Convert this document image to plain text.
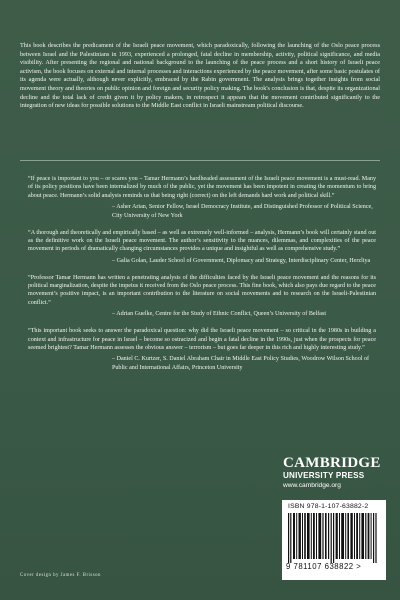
This book describes the predicament of the Israeli peace movement, which paradoxically, following the launching of the Oslo peace process between Israel and the Palestinians in 1993, experienced a prolonged, fatal decline in membership, activity, political significance, and media visibility. After presenting the regional and national background to the launching of the peace process and a short history of Israeli peace activism, the book focuses on external and internal processes and interactions experienced by the peace movement, after some basic postulates of its agenda were actually, although never explicitly, embraced by the Rabin government. The analysis brings together insights from social movement theory and theories on public opinion and foreign and security policy making. The book's conclusion is that, despite its organizational decline and the total lack of credit given it by policy makers, in retrospect it appears that the movement contributed significantly to the integration of new ideas for possible solutions to the Middle East conflict in Israeli mainstream political discourse.
“If peace is important to you – or scares you – Tamar Hermann’s hardheaded assessment of the Israeli peace movement is a must-read. Many of its policy positions have been internalized by much of the public, yet the movement has been impotent in creating the momentum to bring about peace. Hermann’s solid analysis reminds us that being right (correct) on the left demands hard work and political skill.”
– Asher Arian, Senior Fellow, Israel Democracy Institute, and Distinguished Professor of Political Science, City University of New York
“A thorough and theoretically and empirically based – as well as extremely well-informed – analysis, Hermann’s book will certainly stand out as the definitive work on the Israeli peace movement. The author’s sensitivity to the nuances, dilemmas, and complexities of the peace movement in periods of dramatically changing circumstances provides a unique and insightful as well as comprehensive study.”
– Galia Golan, Lauder School of Government, Diplomacy and Strategy, Interdisciplinary Center, Herzliya
“Professor Tamar Hermann has written a penetrating analysis of the difficulties faced by the Israeli peace movement and the reasons for its political marginalization, despite the impetus it received from the Oslo peace process. This fine book, which also pays due regard to the peace movement’s positive impact, is an important contribution to the literature on social movements and to research on the Israeli-Palestinian conflict.”
– Adrian Guelke, Centre for the Study of Ethnic Conflict, Queen’s University of Belfast
“This important book seeks to answer the paradoxical question: why did the Israeli peace movement – so critical in the 1980s in building a context and infrastructure for peace in Israel – become so ostracized and begin a fatal decline in the 1990s, just when the prospects for peace seemed brightest? Tamar Hermann assesses the obvious answer – terrorism – but goes far deeper in this rich and highly interesting study.”
– Daniel C. Kurtzer, S. Daniel Abraham Chair in Middle East Policy Studies, Woodrow Wilson School of Public and International Affairs, Princeton University
CAMBRIDGE
UNIVERSITY PRESS
www.cambridge.org
ISBN 978-1-107-63882-2
9 781107 638822 >
Cover design by James F. Brisson
